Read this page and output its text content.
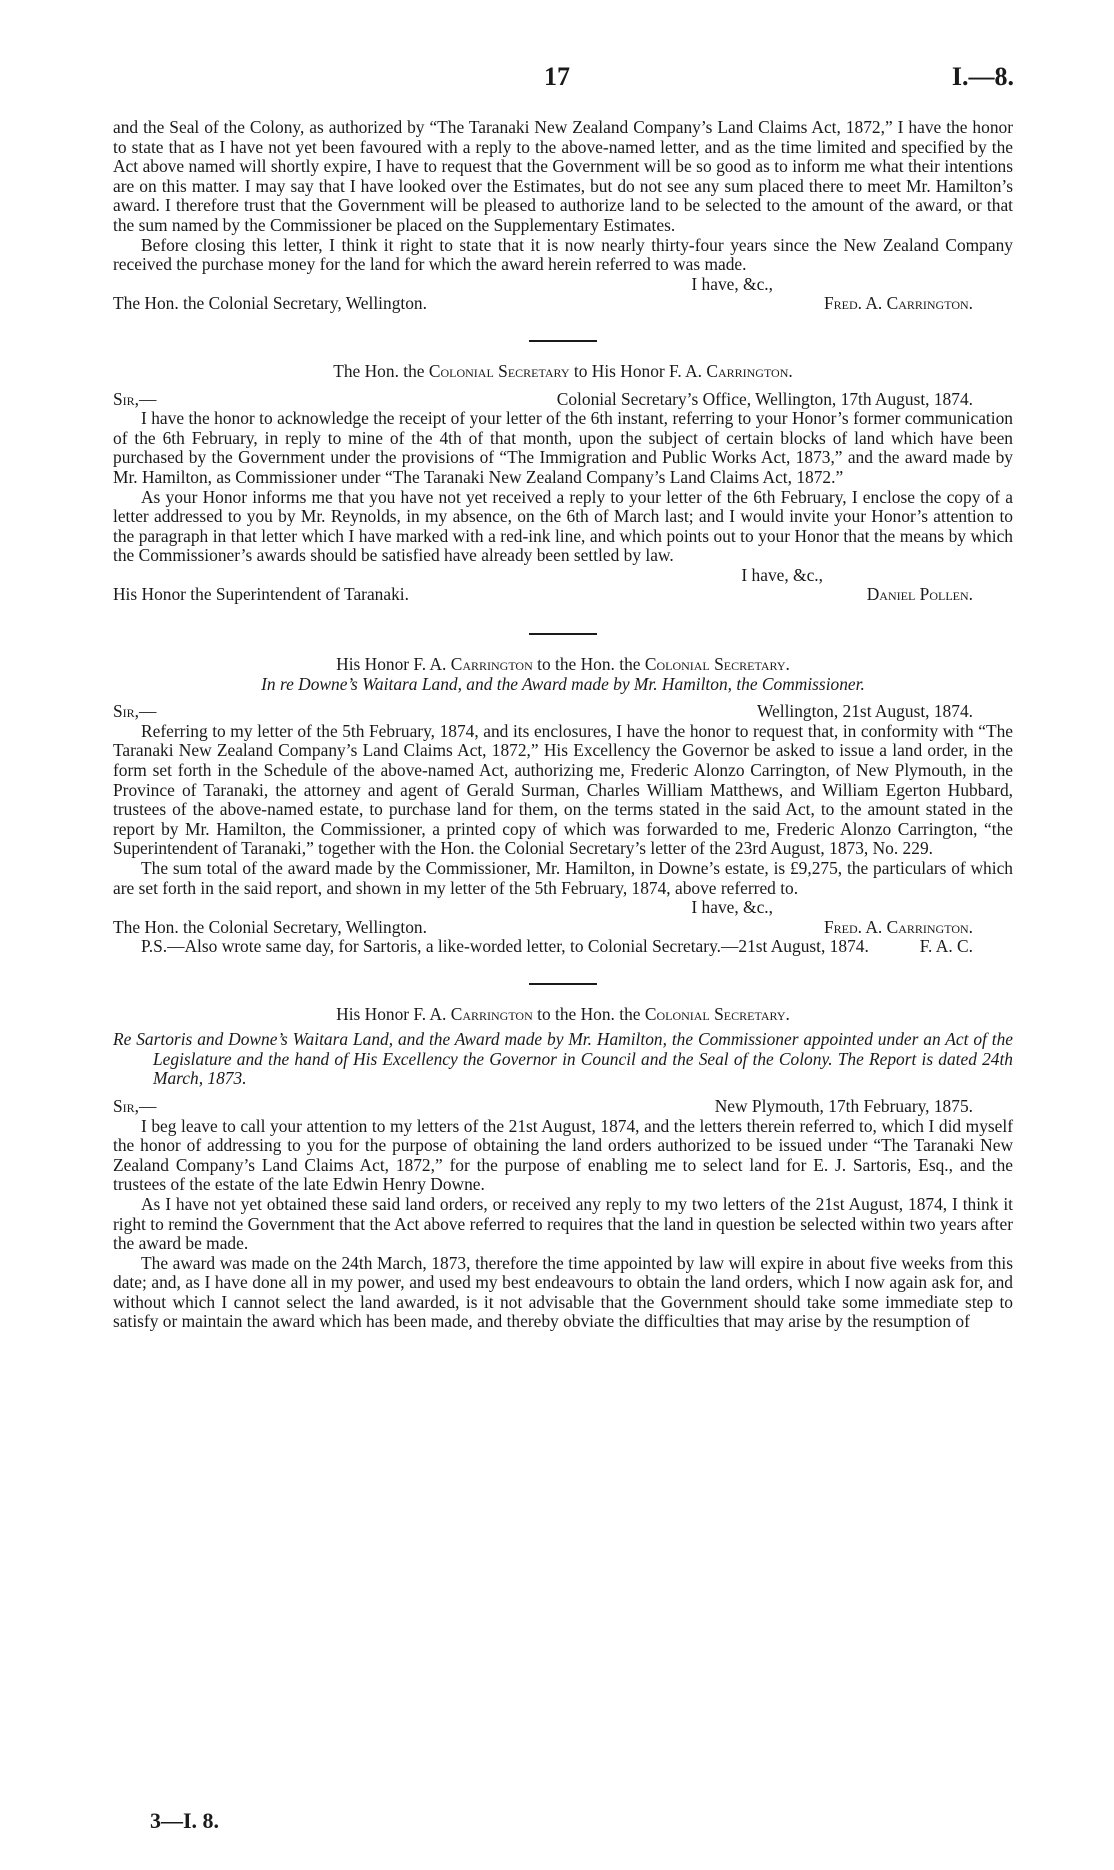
17	I.—8.

and the Seal of the Colony, as authorized by “The Taranaki New Zealand Company’s Land Claims Act, 1872,” I have the honor to state that as I have not yet been favoured with a reply to the above-named letter, and as the time limited and specified by the Act above named will shortly expire, I have to request that the Government will be so good as to inform me what their intentions are on this matter. I may say that I have looked over the Estimates, but do not see any sum placed there to meet Mr. Hamilton’s award. I therefore trust that the Government will be pleased to authorize land to be selected to the amount of the award, or that the sum named by the Commissioner be placed on the Supplementary Estimates.

Before closing this letter, I think it right to state that it is now nearly thirty-four years since the New Zealand Company received the purchase money for the land for which the award herein referred to was made.

I have, &c.,
The Hon. the Colonial Secretary, Wellington.	Fred. A. Carrington.
The Hon. the Colonial Secretary to His Honor F. A. Carrington.
Sir,—	Colonial Secretary’s Office, Wellington, 17th August, 1874.

I have the honor to acknowledge the receipt of your letter of the 6th instant, referring to your Honor’s former communication of the 6th February, in reply to mine of the 4th of that month, upon the subject of certain blocks of land which have been purchased by the Government under the provisions of “The Immigration and Public Works Act, 1873,” and the award made by Mr. Hamilton, as Commissioner under “The Taranaki New Zealand Company’s Land Claims Act, 1872.”

As your Honor informs me that you have not yet received a reply to your letter of the 6th February, I enclose the copy of a letter addressed to you by Mr. Reynolds, in my absence, on the 6th of March last; and I would invite your Honor’s attention to the paragraph in that letter which I have marked with a red-ink line, and which points out to your Honor that the means by which the Commissioner’s awards should be satisfied have already been settled by law.

I have, &c.,
His Honor the Superintendent of Taranaki.	Daniel Pollen.
His Honor F. A. Carrington to the Hon. the Colonial Secretary.
In re Downe’s Waitara Land, and the Award made by Mr. Hamilton, the Commissioner.
Sir,—	Wellington, 21st August, 1874.

Referring to my letter of the 5th February, 1874, and its enclosures, I have the honor to request that, in conformity with “The Taranaki New Zealand Company’s Land Claims Act, 1872,” His Excellency the Governor be asked to issue a land order, in the form set forth in the Schedule of the above-named Act, authorizing me, Frederic Alonzo Carrington, of New Plymouth, in the Province of Taranaki, the attorney and agent of Gerald Surman, Charles William Matthews, and William Egerton Hubbard, trustees of the above-named estate, to purchase land for them, on the terms stated in the said Act, to the amount stated in the report by Mr. Hamilton, the Commissioner, a printed copy of which was forwarded to me, Frederic Alonzo Carrington, “the Superintendent of Taranaki,” together with the Hon. the Colonial Secretary’s letter of the 23rd August, 1873, No. 229.

The sum total of the award made by the Commissioner, Mr. Hamilton, in Downe’s estate, is £9,275, the particulars of which are set forth in the said report, and shown in my letter of the 5th February, 1874, above referred to.

I have, &c.,
The Hon. the Colonial Secretary, Wellington.	Fred. A. Carrington.

P.S.—Also wrote same day, for Sartoris, a like-worded letter, to Colonial Secretary.—21st August, 1874.	F. A. C.
His Honor F. A. Carrington to the Hon. the Colonial Secretary.

Re Sartoris and Downe’s Waitara Land, and the Award made by Mr. Hamilton, the Commissioner appointed under an Act of the Legislature and the hand of His Excellency the Governor in Council and the Seal of the Colony. The Report is dated 24th March, 1873.

Sir,—	New Plymouth, 17th February, 1875.

I beg leave to call your attention to my letters of the 21st August, 1874, and the letters therein referred to, which I did myself the honor of addressing to you for the purpose of obtaining the land orders authorized to be issued under “The Taranaki New Zealand Company’s Land Claims Act, 1872,” for the purpose of enabling me to select land for E. J. Sartoris, Esq., and the trustees of the estate of the late Edwin Henry Downe.

As I have not yet obtained these said land orders, or received any reply to my two letters of the 21st August, 1874, I think it right to remind the Government that the Act above referred to requires that the land in question be selected within two years after the award be made.

The award was made on the 24th March, 1873, therefore the time appointed by law will expire in about five weeks from this date; and, as I have done all in my power, and used my best endeavours to obtain the land orders, which I now again ask for, and without which I cannot select the land awarded, is it not advisable that the Government should take some immediate step to satisfy or maintain the award which has been made, and thereby obviate the difficulties that may arise by the resumption of

3—I. 8.
